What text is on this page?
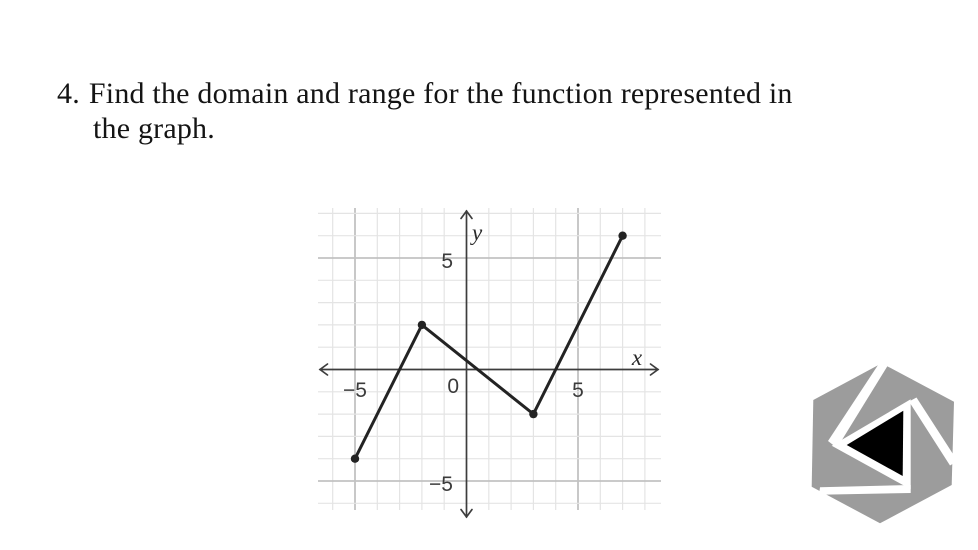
4. Find the domain and range for the function represented in
the graph.
−5	5
5
−5
0
x
y
